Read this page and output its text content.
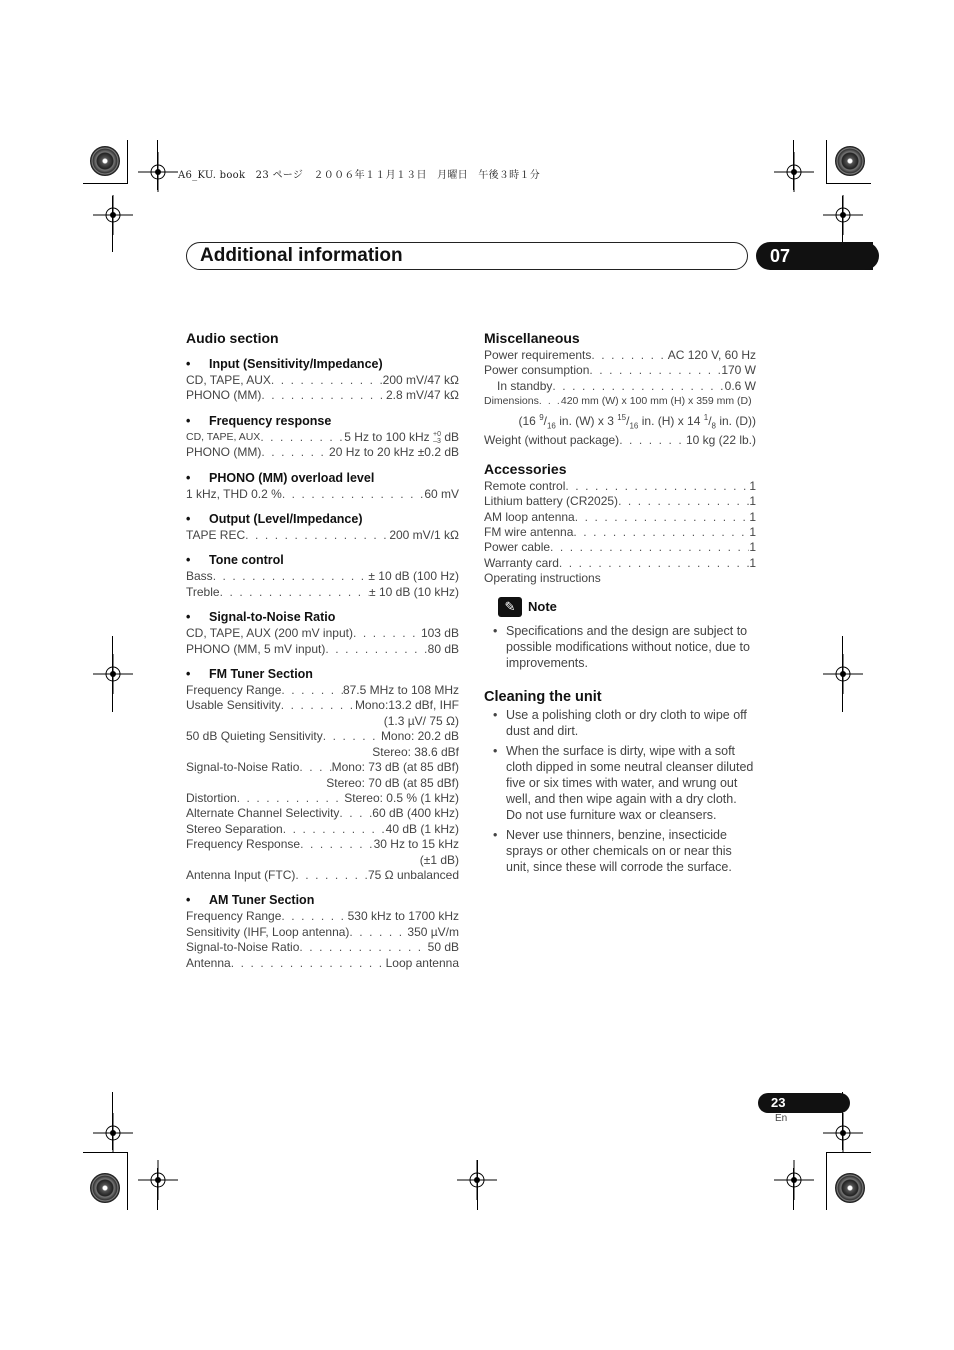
A6_KU. book　23 ページ　２００６年１１月１３日　月曜日　午後３時１分
Additional information	07
Audio section
• Input (Sensitivity/Impedance)
CD, TAPE, AUX . . .	200 mV/47 kΩ
PHONO (MM) . . .	2.8 mV/47 kΩ
• Frequency response
CD, TAPE, AUX . . .	5 Hz to 100 kHz +0
–3 dB
PHONO (MM) . . .	20 Hz to 20 kHz ±0.2 dB
• PHONO (MM) overload level
1 kHz, THD 0.2 % . . .	60 mV
• Output (Level/Impedance)
TAPE REC . . .	200 mV/1 kΩ
• Tone control
Bass . . .	± 10 dB (100 Hz)
Treble . . .	± 10 dB (10 kHz)
• Signal-to-Noise Ratio
CD, TAPE, AUX (200 mV input) . . .	103 dB
PHONO (MM, 5 mV input) . . .	80 dB
• FM Tuner Section
Frequency Range . . .	87.5 MHz to 108 MHz
Usable Sensitivity . . .	Mono:13.2 dBf, IHF
(1.3 µV/ 75 Ω)
50 dB Quieting Sensitivity . . .	Mono: 20.2 dB
Stereo: 38.6 dBf
Signal-to-Noise Ratio . . .	Mono: 73 dB (at 85 dBf)
Stereo: 70 dB (at 85 dBf)
Distortion . . .	Stereo: 0.5 % (1 kHz)
Alternate Channel Selectivity . . .	60 dB (400 kHz)
Stereo Separation . . .	40 dB (1 kHz)
Frequency Response . . .	30 Hz to 15 kHz
(±1 dB)
Antenna Input (FTC) . . .	75 Ω unbalanced
• AM Tuner Section
Frequency Range . . .	530 kHz to 1700 kHz
Sensitivity (IHF, Loop antenna) . . .	350 µV/m
Signal-to-Noise Ratio . . .	50 dB
Antenna . . .	Loop antenna
Miscellaneous
Power requirements . . .	AC 120 V, 60 Hz
Power consumption . . .	170 W
In standby . . .	0.6 W
Dimensions . . . 420 mm (W) x 100 mm (H) x 359 mm (D)
(16 $^9/_{16}$ in. (W) x 3 $^{15}/_{16}$ in. (H) x 14 $^1/_8$ in. (D))
Weight (without package) . . .	10 kg (22 lb.)
Accessories
Remote control . . .	1
Lithium battery (CR2025) . . .	1
AM loop antenna . . .	1
FM wire antenna . . .	1
Power cable . . .	1
Warranty card . . .	1
Operating instructions
✎ Note
• Specifications and the design are subject to possible modifications without notice, due to improvements.
Cleaning the unit
• Use a polishing cloth or dry cloth to wipe off dust and dirt.
• When the surface is dirty, wipe with a soft cloth dipped in some neutral cleanser diluted five or six times with water, and wrung out well, and then wipe again with a dry cloth. Do not use furniture wax or cleansers.
• Never use thinners, benzine, insecticide sprays or other chemicals on or near this unit, since these will corrode the surface.
23
En
